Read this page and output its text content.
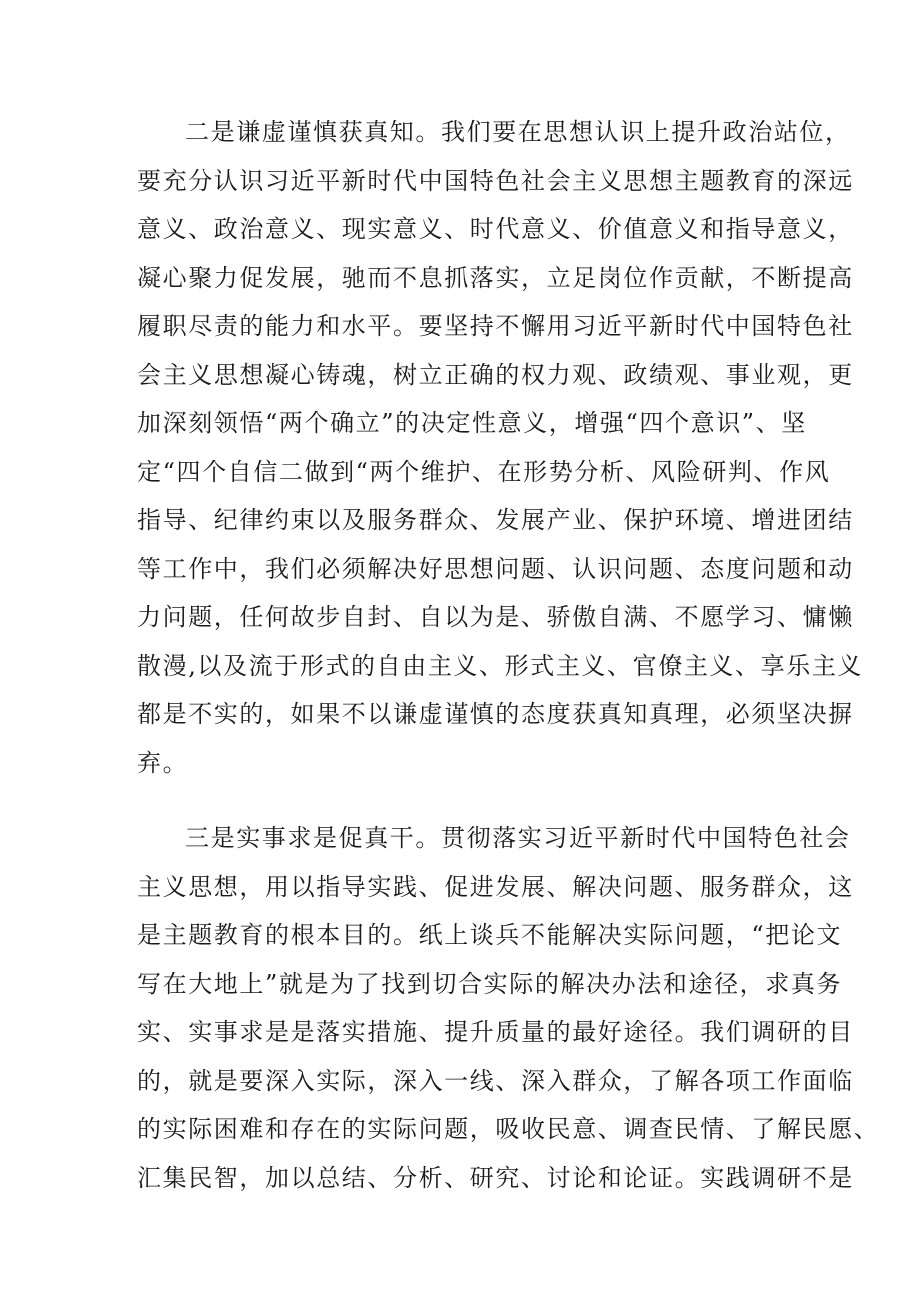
二是谦虚谨慎获真知。我们要在思想认识上提升政治站位，
要充分认识习近平新时代中国特色社会主义思想主题教育的深远
意义、政治意义、现实意义、时代意义、价值意义和指导意义，
凝心聚力促发展，驰而不息抓落实，立足岗位作贡献，不断提高
履职尽责的能力和水平。要坚持不懈用习近平新时代中国特色社
会主义思想凝心铸魂，树立正确的权力观、政绩观、事业观，更
加深刻领悟“两个确立”的决定性意义，增强“四个意识”、坚
定“四个自信二做到“两个维护、在形势分析、风险研判、作风
指导、纪律约束以及服务群众、发展产业、保护环境、增进团结
等工作中，我们必须解决好思想问题、认识问题、态度问题和动
力问题，任何故步自封、自以为是、骄傲自满、不愿学习、慵懒
散漫,以及流于形式的自由主义、形式主义、官僚主义、享乐主义
都是不实的，如果不以谦虚谨慎的态度获真知真理，必须坚决摒
弃。
三是实事求是促真干。贯彻落实习近平新时代中国特色社会
主义思想，用以指导实践、促进发展、解决问题、服务群众，这
是主题教育的根本目的。纸上谈兵不能解决实际问题，“把论文
写在大地上”就是为了找到切合实际的解决办法和途径，求真务
实、实事求是是落实措施、提升质量的最好途径。我们调研的目
的，就是要深入实际，深入一线、深入群众，了解各项工作面临
的实际困难和存在的实际问题，吸收民意、调查民情、了解民愿、
汇集民智，加以总结、分析、研究、讨论和论证。实践调研不是
